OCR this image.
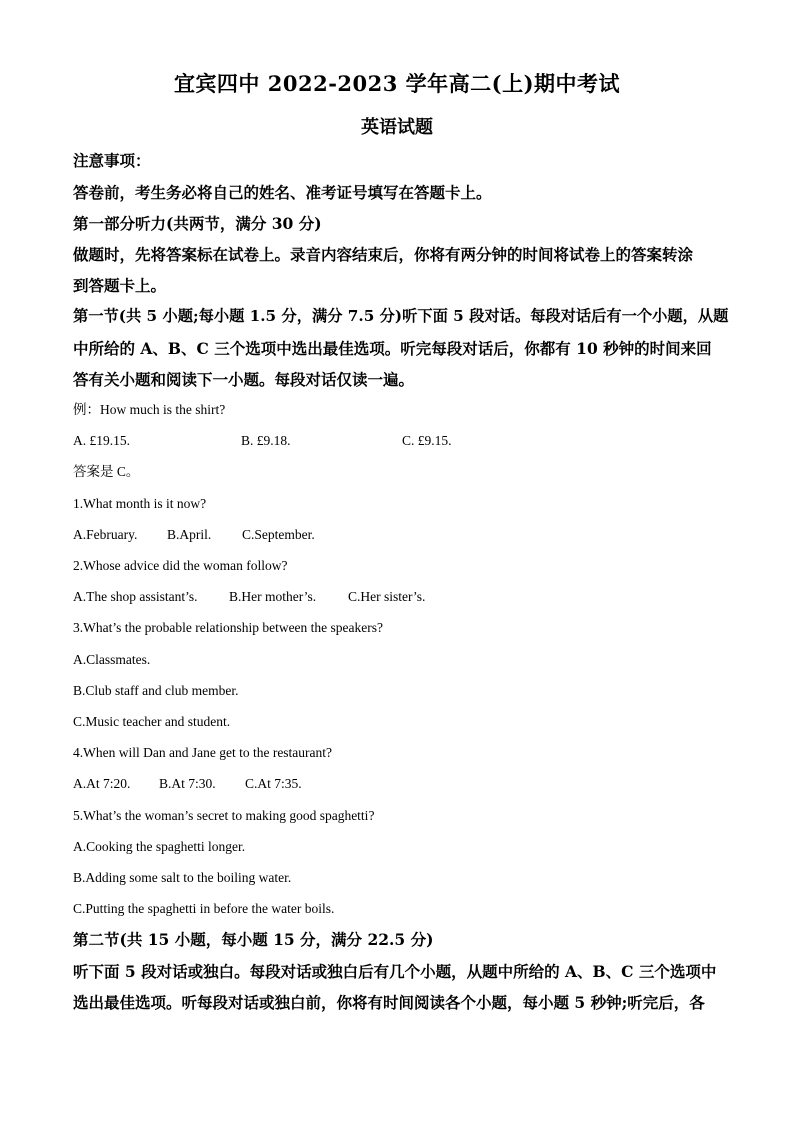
宜宾四中 2022-2023 学年高二(上)期中考试
英语试题
注意事项：
答卷前，考生务必将自己的姓名、准考证号填写在答题卡上。
第一部分听力(共两节，满分 30 分)
做题时，先将答案标在试卷上。录音内容结束后，你将有两分钟的时间将试卷上的答案转涂
到答题卡上。
第一节(共 5 小题;每小题 1.5 分，满分 7.5 分)听下面 5 段对话。每段对话后有一个小题，从题
中所给的 A、B、C 三个选项中选出最佳选项。听完每段对话后，你都有 10 秒钟的时间来回
答有关小题和阅读下一小题。每段对话仅读一遍。
例：How much is the shirt?
A. £19.15.	B. £9.18.	C. £9.15.
答案是 C。
1.What month is it now?
A.February. B.April. C.September.
2.Whose advice did the woman follow?
A.The shop assistant’s. B.Her mother’s. C.Her sister’s.
3.What’s the probable relationship between the speakers?
A.Classmates.
B.Club staff and club member.
C.Music teacher and student.
4.When will Dan and Jane get to the restaurant?
A.At 7:20. B.At 7:30. C.At 7:35.
5.What’s the woman’s secret to making good spaghetti?
A.Cooking the spaghetti longer.
B.Adding some salt to the boiling water.
C.Putting the spaghetti in before the water boils.
第二节(共 15 小题，每小题 15 分，满分 22.5 分)
听下面 5 段对话或独白。每段对话或独白后有几个小题，从题中所给的 A、B、C 三个选项中
选出最佳选项。听每段对话或独白前，你将有时间阅读各个小题，每小题 5 秒钟;听完后，各
